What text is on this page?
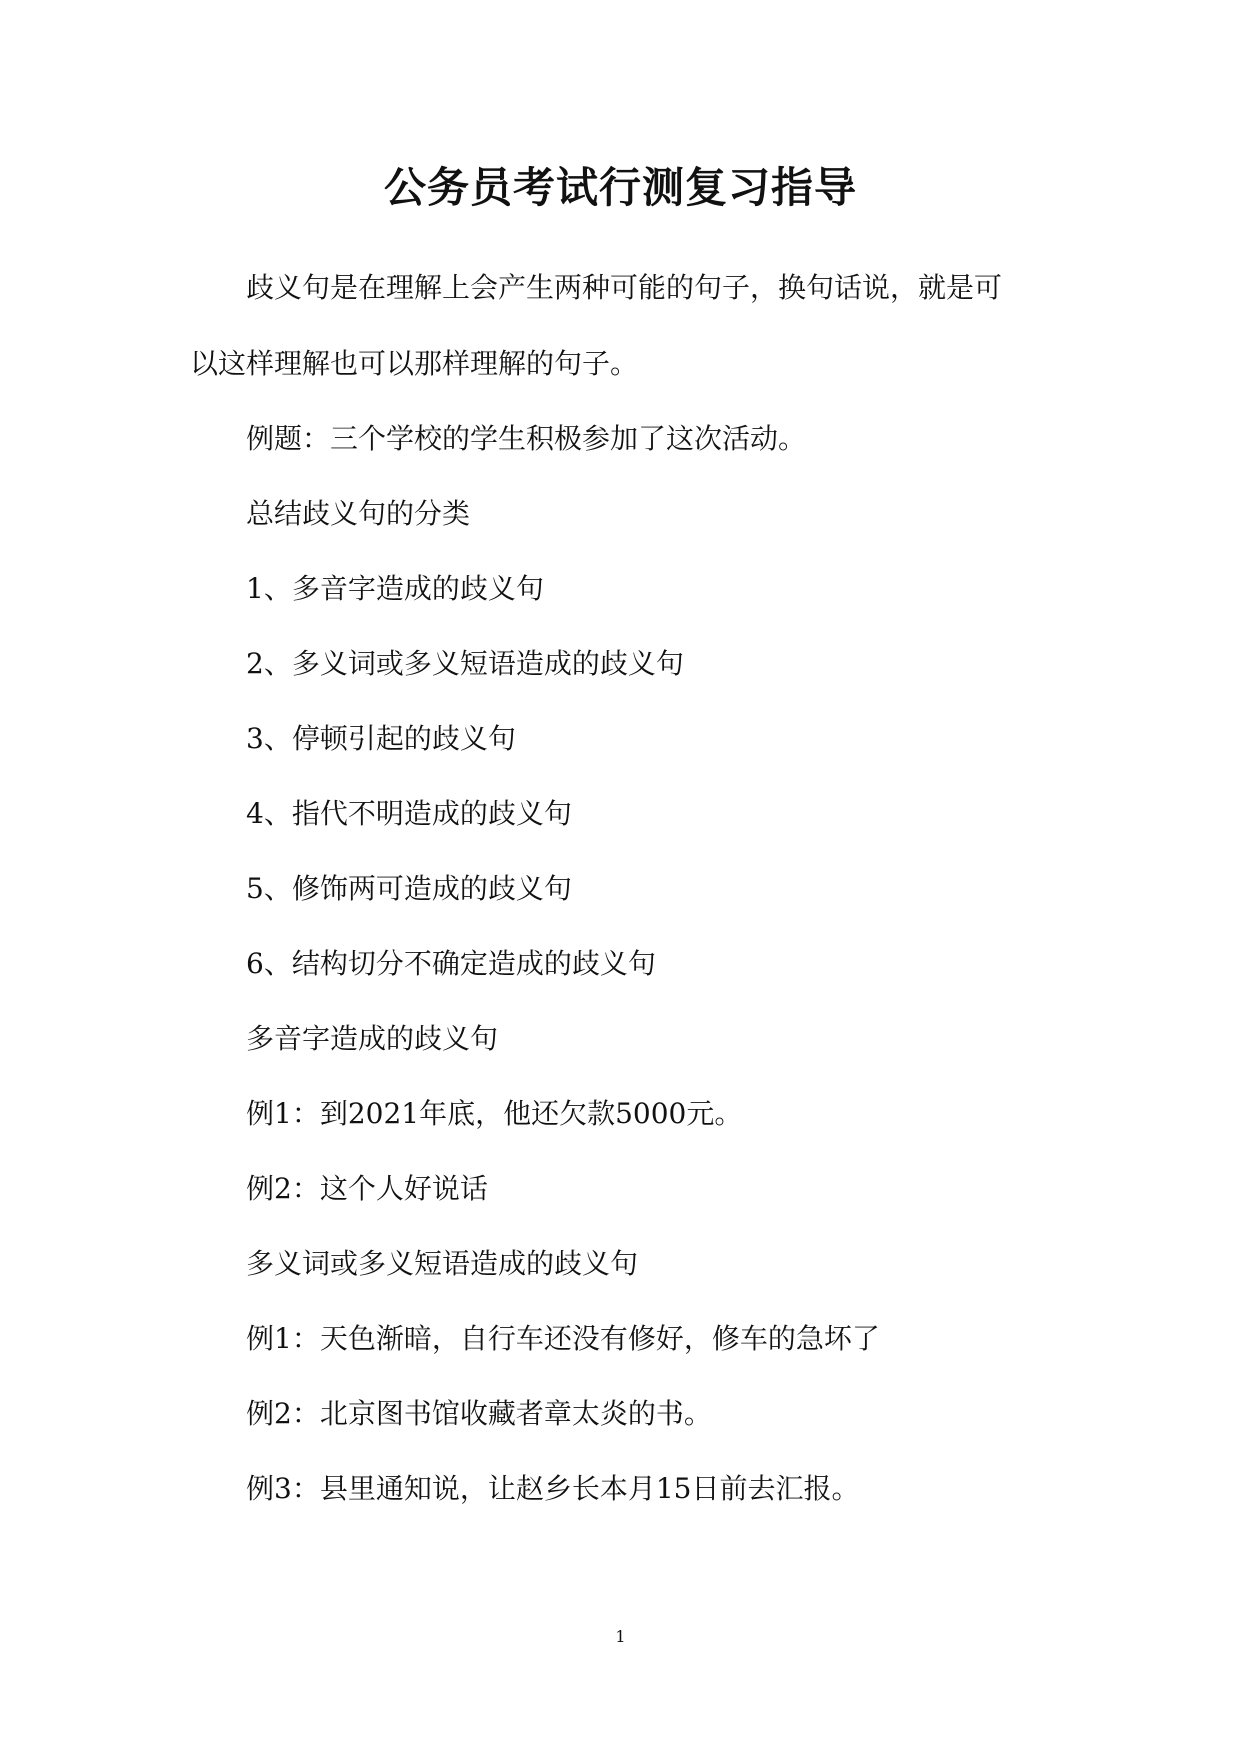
公务员考试行测复习指导
歧义句是在理解上会产生两种可能的句子，换句话说，就是可
以这样理解也可以那样理解的句子。
例题：三个学校的学生积极参加了这次活动。
总结歧义句的分类
1、多音字造成的歧义句
2、多义词或多义短语造成的歧义句
3、停顿引起的歧义句
4、指代不明造成的歧义句
5、修饰两可造成的歧义句
6、结构切分不确定造成的歧义句
多音字造成的歧义句
例1：到2021年底，他还欠款5000元。
例2：这个人好说话
多义词或多义短语造成的歧义句
例1：天色渐暗，自行车还没有修好，修车的急坏了
例2：北京图书馆收藏者章太炎的书。
例3：县里通知说，让赵乡长本月15日前去汇报。
1
